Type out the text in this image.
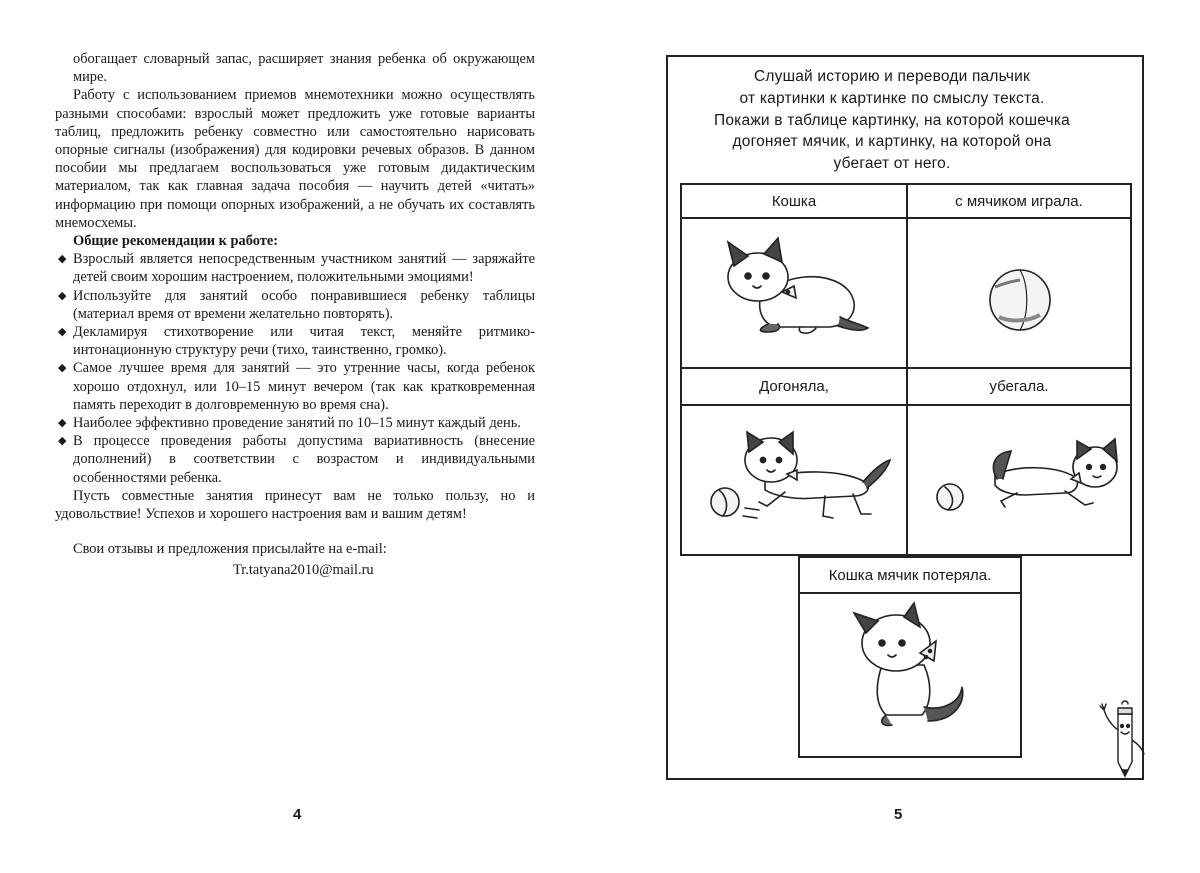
обогащает словарный запас, расширяет знания ребенка об окружающем мире.

Работу с использованием приемов мнемотехники можно осуществлять разными способами: взрослый может предложить уже готовые варианты таблиц, предложить ребенку совместно или самостоятельно нарисовать опорные сигналы (изображения) для кодировки речевых образов. В данном пособии мы предлагаем воспользоваться уже готовым дидактическим материалом, так как главная задача пособия — научить детей «читать» информацию при помощи опорных изображений, а не обучать их составлять мнемосхемы.

Общие рекомендации к работе:

◆ Взрослый является непосредственным участником занятий — заряжайте детей своим хорошим настроением, положительными эмоциями!
◆ Используйте для занятий особо понравившиеся ребенку таблицы (материал время от времени желательно повторять).
◆ Декламируя стихотворение или читая текст, меняйте ритмико-интонационную структуру речи (тихо, таинственно, громко).
◆ Самое лучшее время для занятий — это утренние часы, когда ребенок хорошо отдохнул, или 10–15 минут вечером (так как кратковременная память переходит в долговременную во время сна).
◆ Наиболее эффективно проведение занятий по 10–15 минут каждый день.
◆ В процессе проведения работы допустима вариативность (внесение дополнений) в соответствии с возрастом и индивидуальными особенностями ребенка.

Пусть совместные занятия принесут вам не только пользу, но и удовольствие! Успехов и хорошего настроения вам и вашим детям!

Свои отзывы и предложения присылайте на e-mail:

Tr.tatyana2010@mail.ru

4
Слушай историю и переводи пальчик
от картинки к картинке по смыслу текста.
Покажи в таблице картинку, на которой кошечка
догоняет мячик, и картинку, на которой она
убегает от него.
Кошка	с мячиком играла.
Догоняла,	убегала.
Кошка мячик потеряла.
5
